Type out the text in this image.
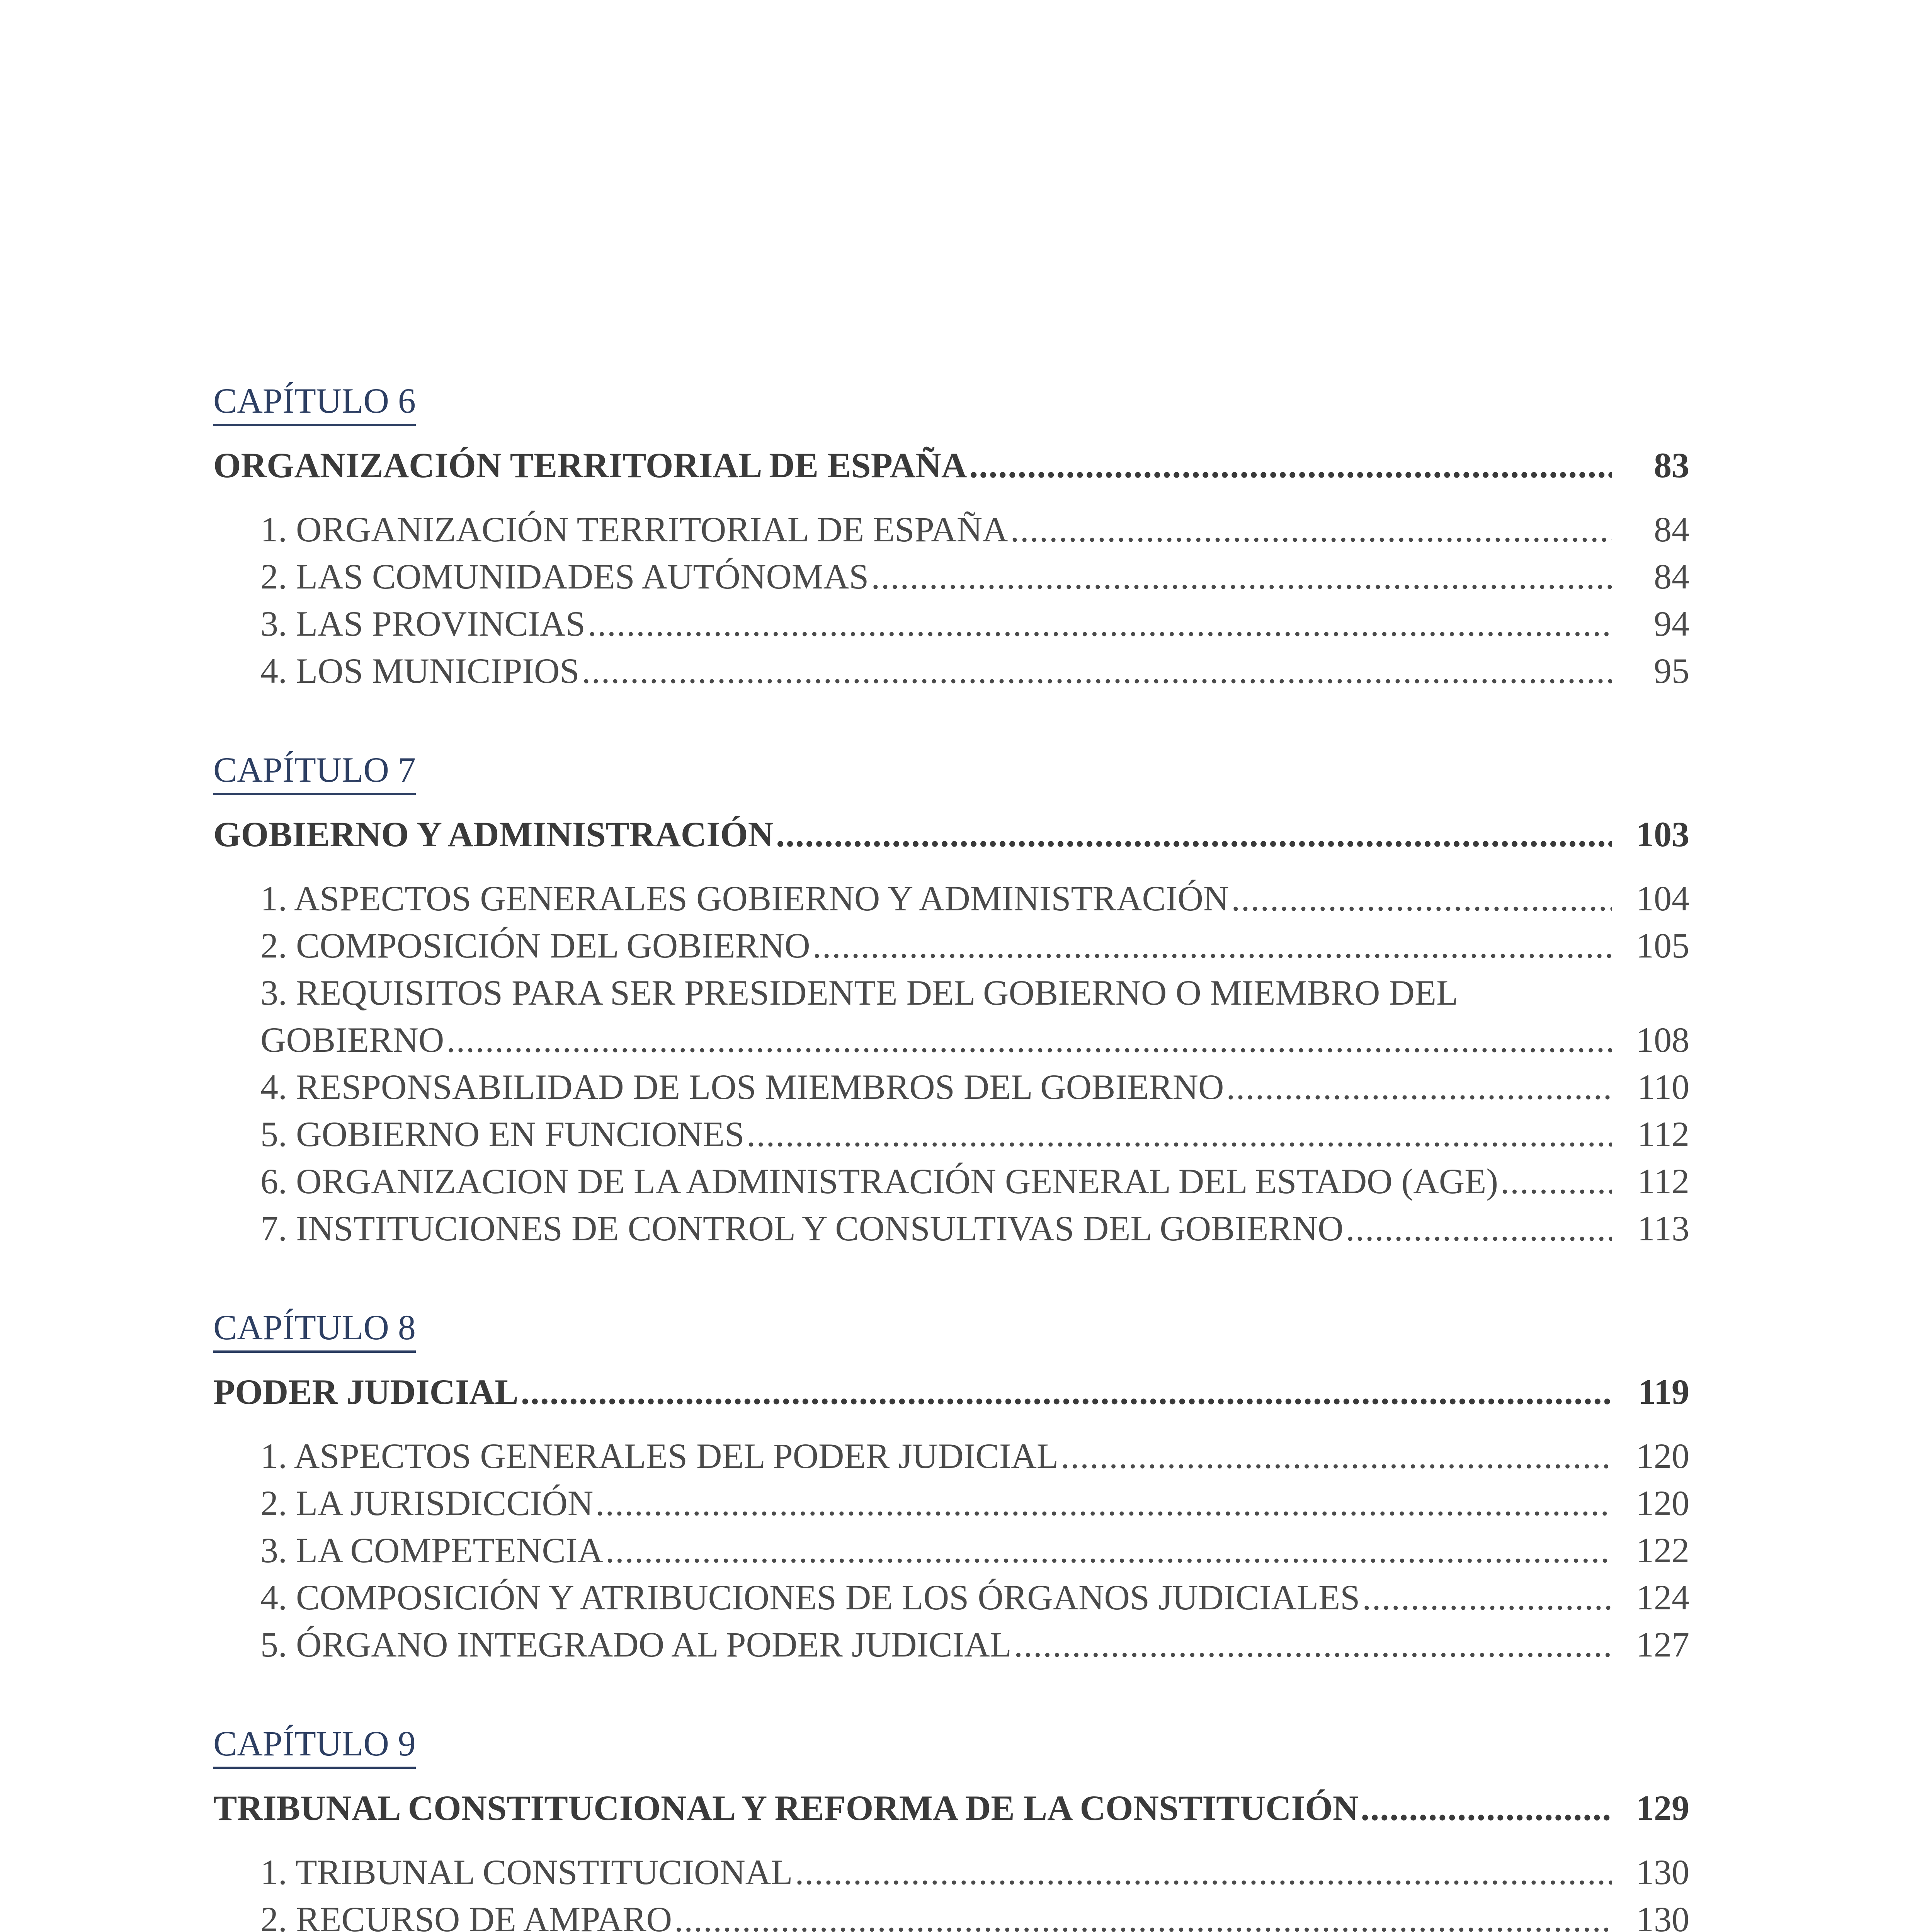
CAPÍTULO 6
ORGANIZACIÓN TERRITORIAL DE ESPAÑA .....	83
1. ORGANIZACIÓN TERRITORIAL DE ESPAÑA .....	84
2. LAS COMUNIDADES AUTÓNOMAS .....	84
3. LAS PROVINCIAS .....	94
4. LOS MUNICIPIOS .....	95
CAPÍTULO 7
GOBIERNO Y ADMINISTRACIÓN .....	103
1. ASPECTOS GENERALES GOBIERNO Y ADMINISTRACIÓN .....	104
2. COMPOSICIÓN DEL GOBIERNO .....	105
3. REQUISITOS PARA SER PRESIDENTE DEL GOBIERNO O MIEMBRO DEL
GOBIERNO .....	108
4. RESPONSABILIDAD DE LOS MIEMBROS DEL GOBIERNO .....	110
5. GOBIERNO EN FUNCIONES .....	112
6. ORGANIZACION DE LA ADMINISTRACIÓN GENERAL DEL ESTADO (AGE) .....	112
7. INSTITUCIONES DE CONTROL Y CONSULTIVAS DEL GOBIERNO .....	113
CAPÍTULO 8
PODER JUDICIAL .....	119
1. ASPECTOS GENERALES DEL PODER JUDICIAL .....	120
2. LA JURISDICCIÓN .....	120
3. LA COMPETENCIA .....	122
4. COMPOSICIÓN Y ATRIBUCIONES DE LOS ÓRGANOS JUDICIALES .....	124
5. ÓRGANO INTEGRADO AL PODER JUDICIAL .....	127
CAPÍTULO 9
TRIBUNAL CONSTITUCIONAL Y REFORMA DE LA CONSTITUCIÓN .....	129
1. TRIBUNAL CONSTITUCIONAL .....	130
2. RECURSO DE AMPARO .....	130
